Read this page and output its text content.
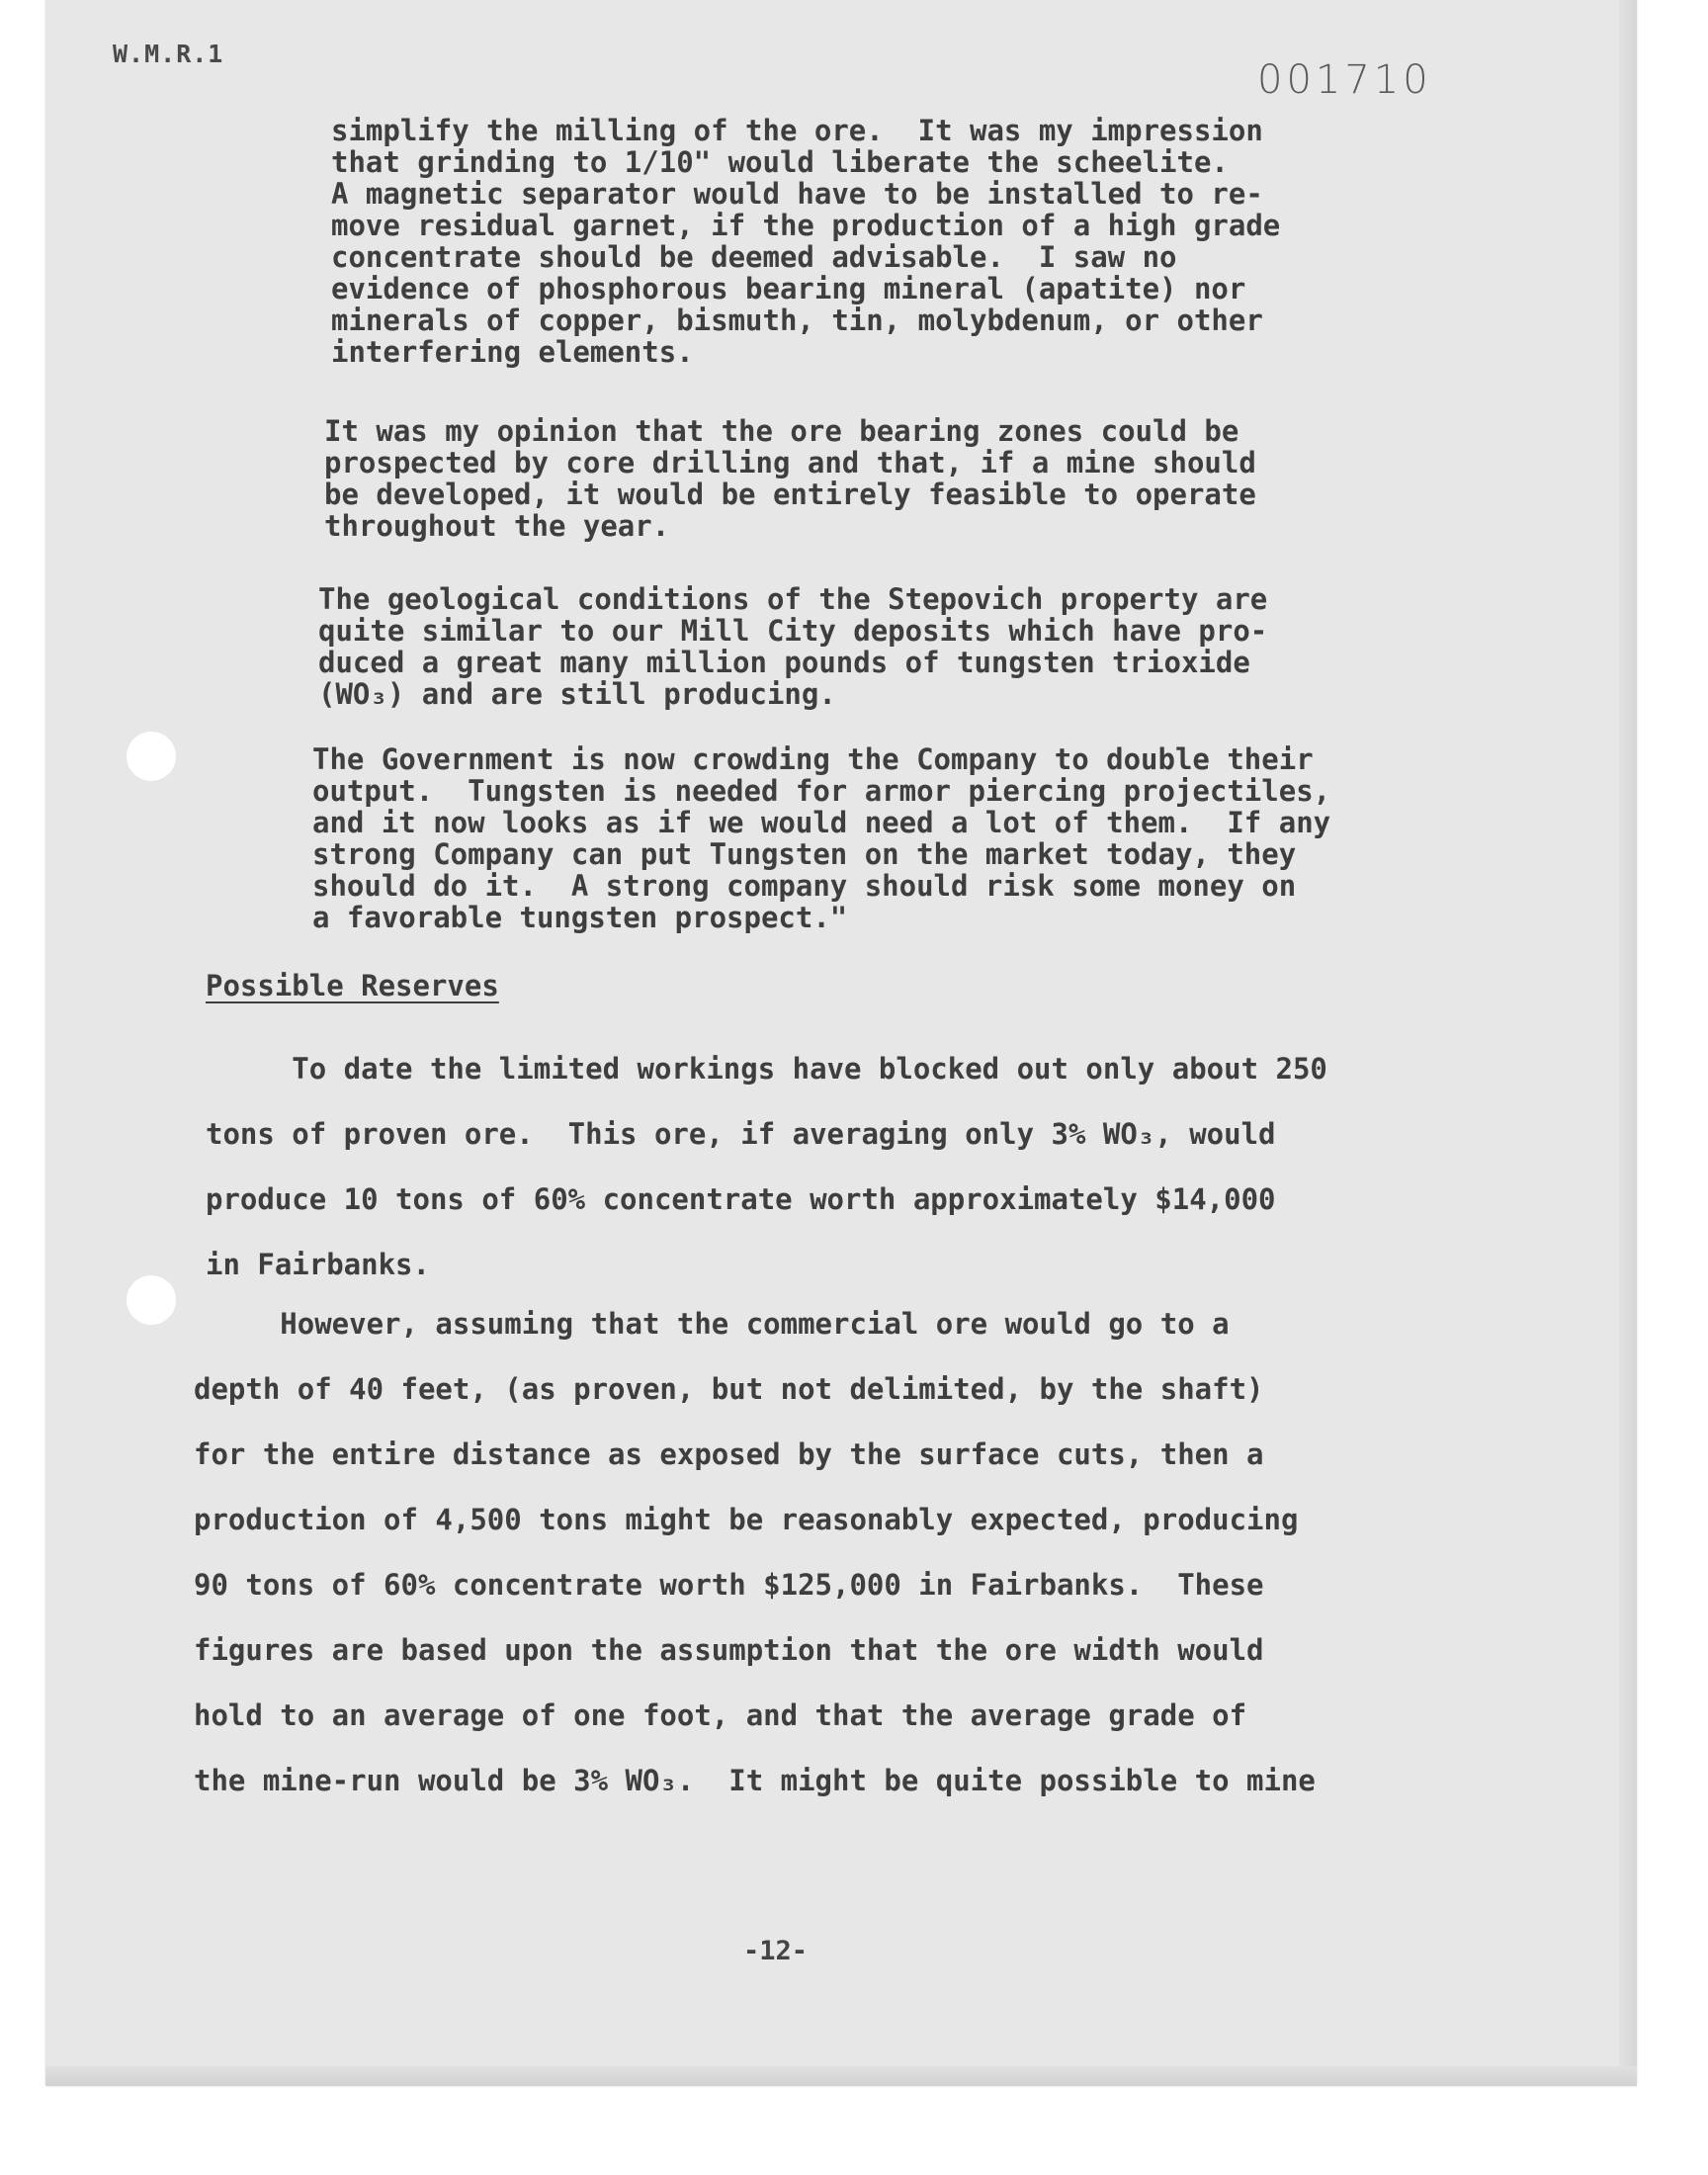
W.M.R.1
001710

simplify the milling of the ore.  It was my impression
that grinding to 1/10" would liberate the scheelite.
A magnetic separator would have to be installed to re-
move residual garnet, if the production of a high grade
concentrate should be deemed advisable.  I saw no
evidence of phosphorous bearing mineral (apatite) nor
minerals of copper, bismuth, tin, molybdenum, or other
interfering elements.

It was my opinion that the ore bearing zones could be
prospected by core drilling and that, if a mine should
be developed, it would be entirely feasible to operate
throughout the year.

The geological conditions of the Stepovich property are
quite similar to our Mill City deposits which have pro-
duced a great many million pounds of tungsten trioxide
(WO₃) and are still producing.

The Government is now crowding the Company to double their
output.  Tungsten is needed for armor piercing projectiles,
and it now looks as if we would need a lot of them.  If any
strong Company can put Tungsten on the market today, they
should do it.  A strong company should risk some money on
a favorable tungsten prospect."

Possible Reserves

To date the limited workings have blocked out only about 250
tons of proven ore.  This ore, if averaging only 3% WO₃, would
produce 10 tons of 60% concentrate worth approximately $14,000
in Fairbanks.

However, assuming that the commercial ore would go to a
depth of 40 feet, (as proven, but not delimited, by the shaft)
for the entire distance as exposed by the surface cuts, then a
production of 4,500 tons might be reasonably expected, producing
90 tons of 60% concentrate worth $125,000 in Fairbanks.  These
figures are based upon the assumption that the ore width would
hold to an average of one foot, and that the average grade of
the mine-run would be 3% WO₃.  It might be quite possible to mine

-12-
